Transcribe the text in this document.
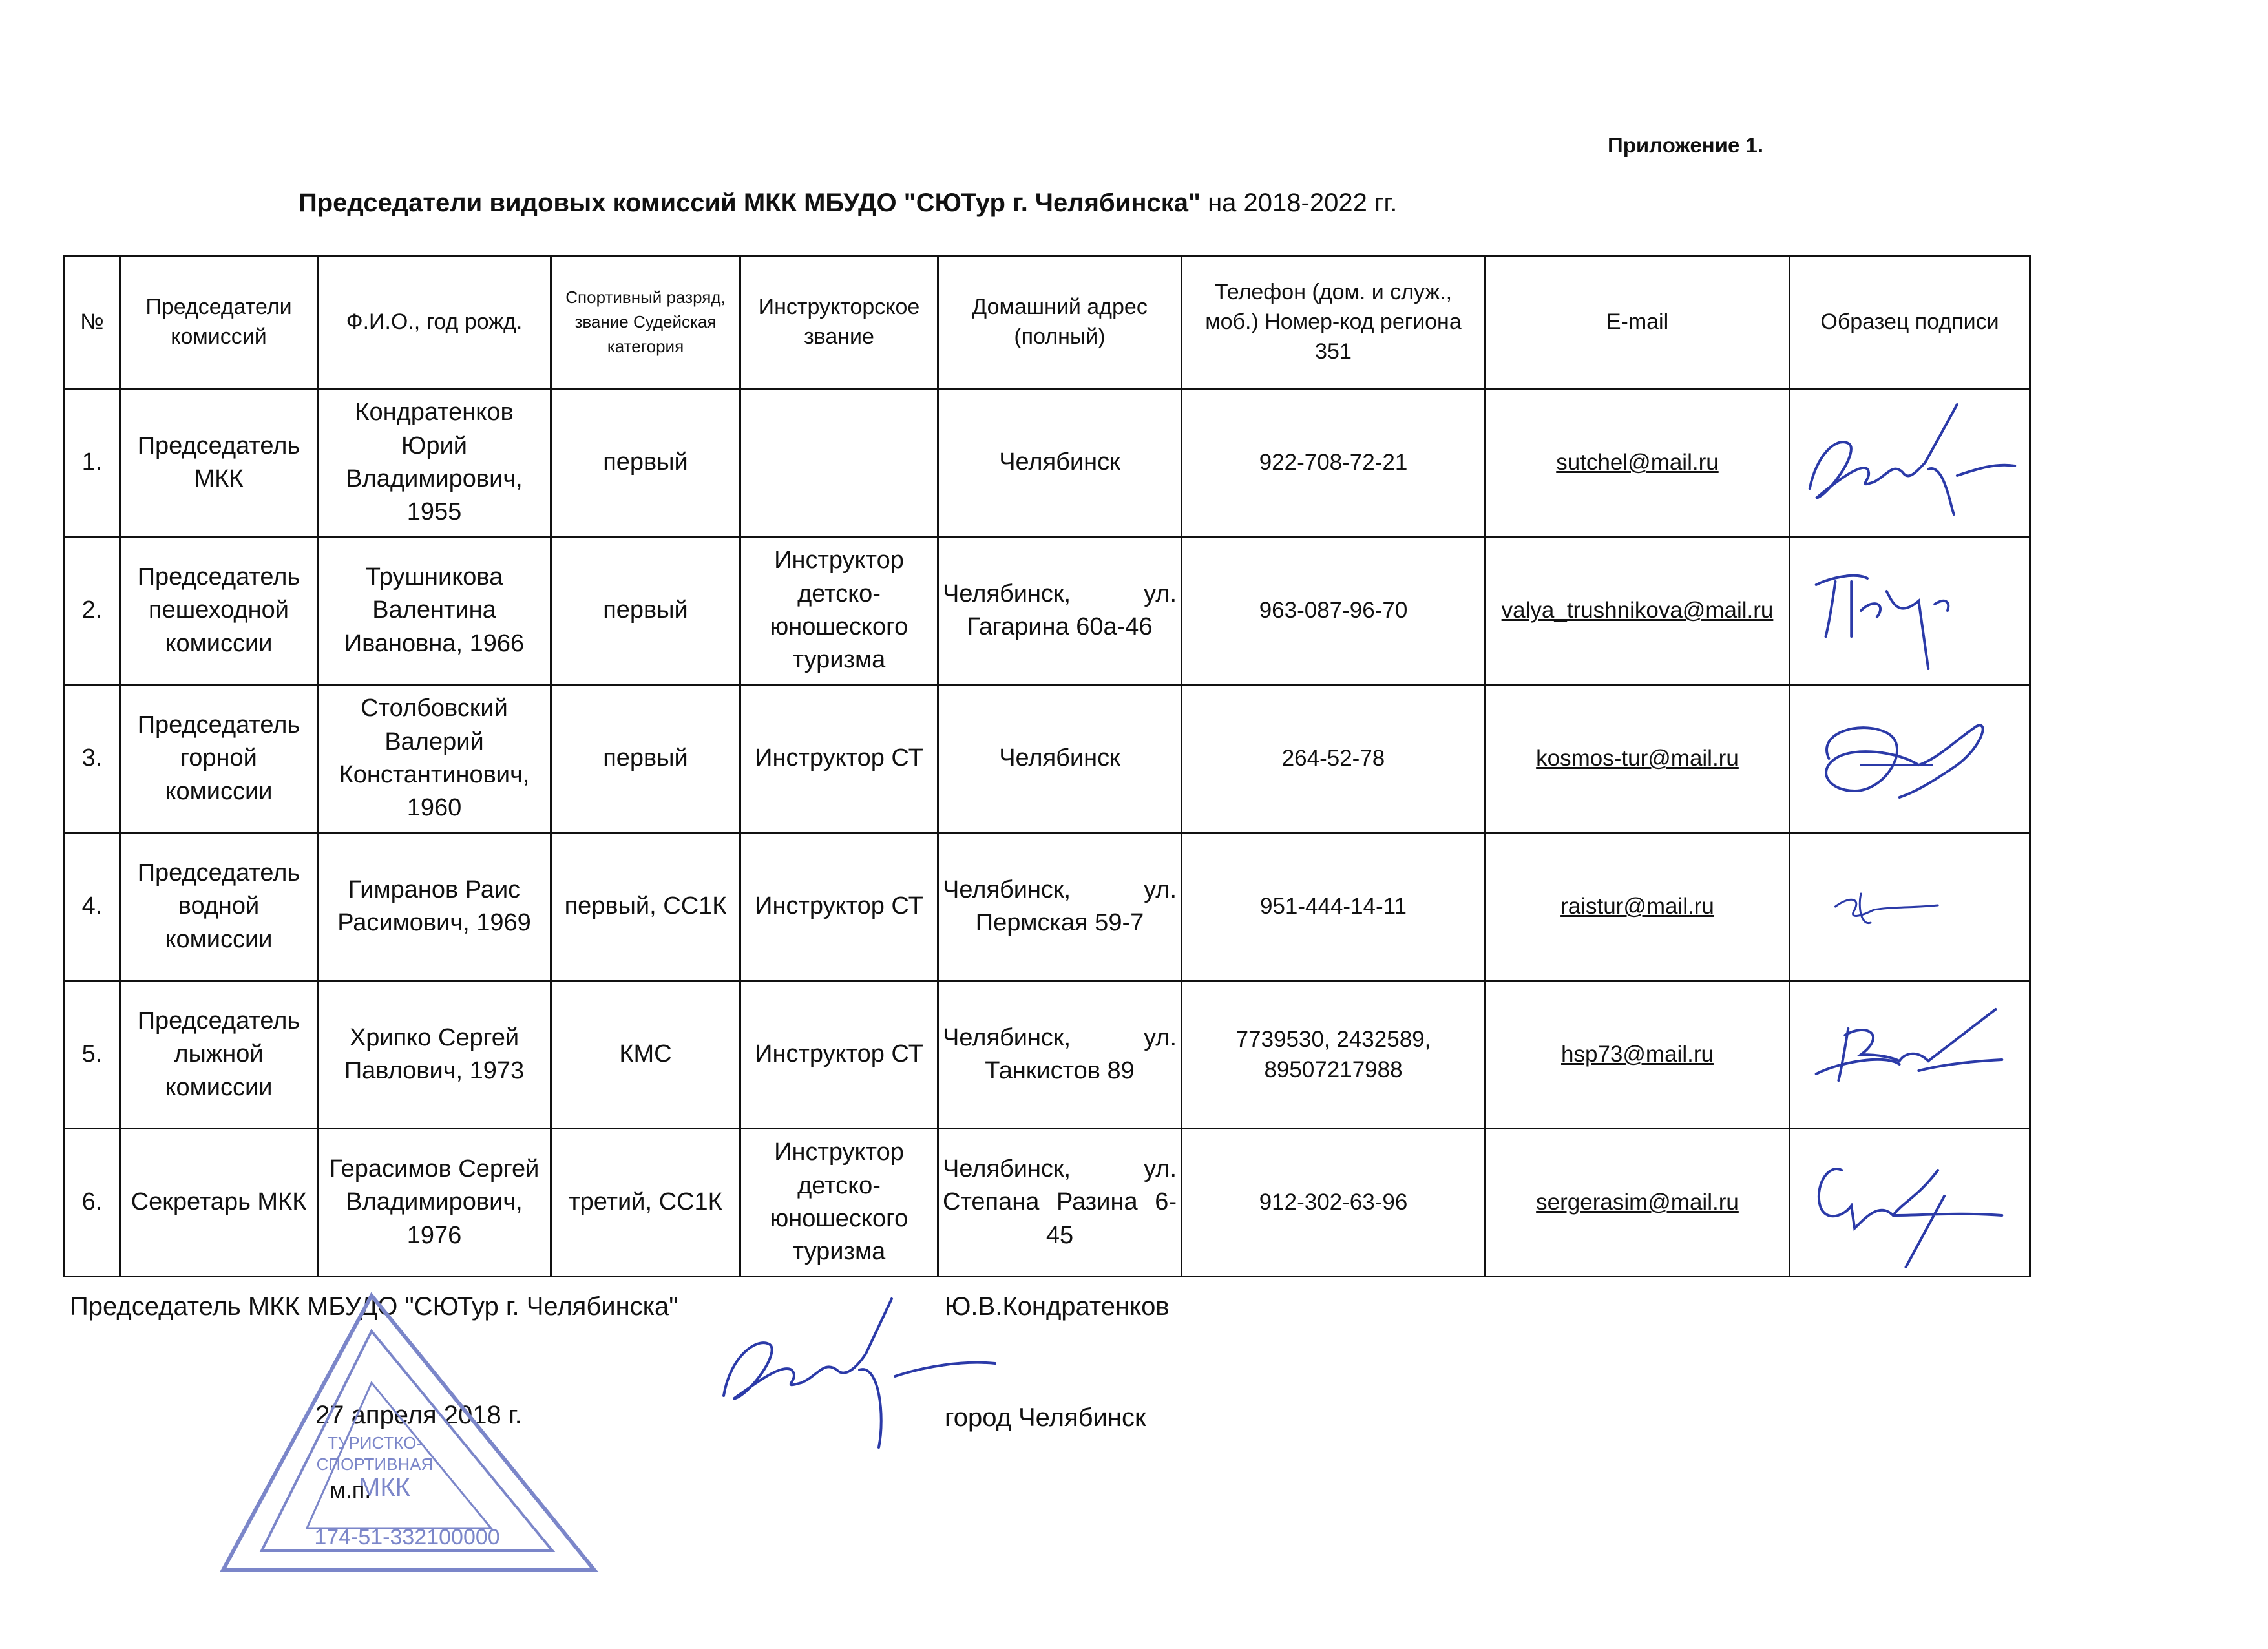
Приложение 1.
Председатели видовых комиссий МКК МБУДО "СЮТур г. Челябинска" на 2018-2022 гг.
№	Председатели комиссий	Ф.И.О., год рожд.	Спортивный разряд, звание Судейская категория	Инструкторское звание	Домашний адрес (полный)	Телефон (дом. и служ., моб.) Номер-код региона 351	E-mail	Образец подписи
1.	Председатель МКК	Кондратенков Юрий Владимирович, 1955	первый		Челябинск	922-708-72-21	sutchel@mail.ru	

2.	Председатель пешеходной комиссии	Трушникова Валентина Ивановна, 1966	первый	Инструктор детско-юношеского туризма	Челябинск, ул. Гагарина 60а-46	963-087-96-70	valya_trushnikova@mail.ru	

3.	Председатель горной комиссии	Столбовский Валерий Константинович, 1960	первый	Инструктор СТ	Челябинск	264-52-78	kosmos-tur@mail.ru	

4.	Председатель водной комиссии	Гимранов Раис Расимович, 1969	первый, СС1К	Инструктор СТ	Челябинск, ул. Пермская 59-7	951-444-14-11	raistur@mail.ru	

5.	Председатель лыжной комиссии	Хрипко Сергей Павлович, 1973	КМС	Инструктор СТ	Челябинск, ул. Танкистов 89	7739530, 2432589, 89507217988	hsp73@mail.ru	

6.	Секретарь МКК	Герасимов Сергей Владимирович, 1976	третий, СС1К	Инструктор детско-юношеского туризма	Челябинск, ул. Степана Разина 6-45	912-302-63-96	sergerasim@mail.ru	
Председатель МКК МБУДО "СЮТур г. Челябинска"	Ю.В.Кондратенков
27 апреля 2018 г.	город Челябинск
ТУРИСТКО-
СПОРТИВНАЯ
МКК
174-51-332100000
м.п.
